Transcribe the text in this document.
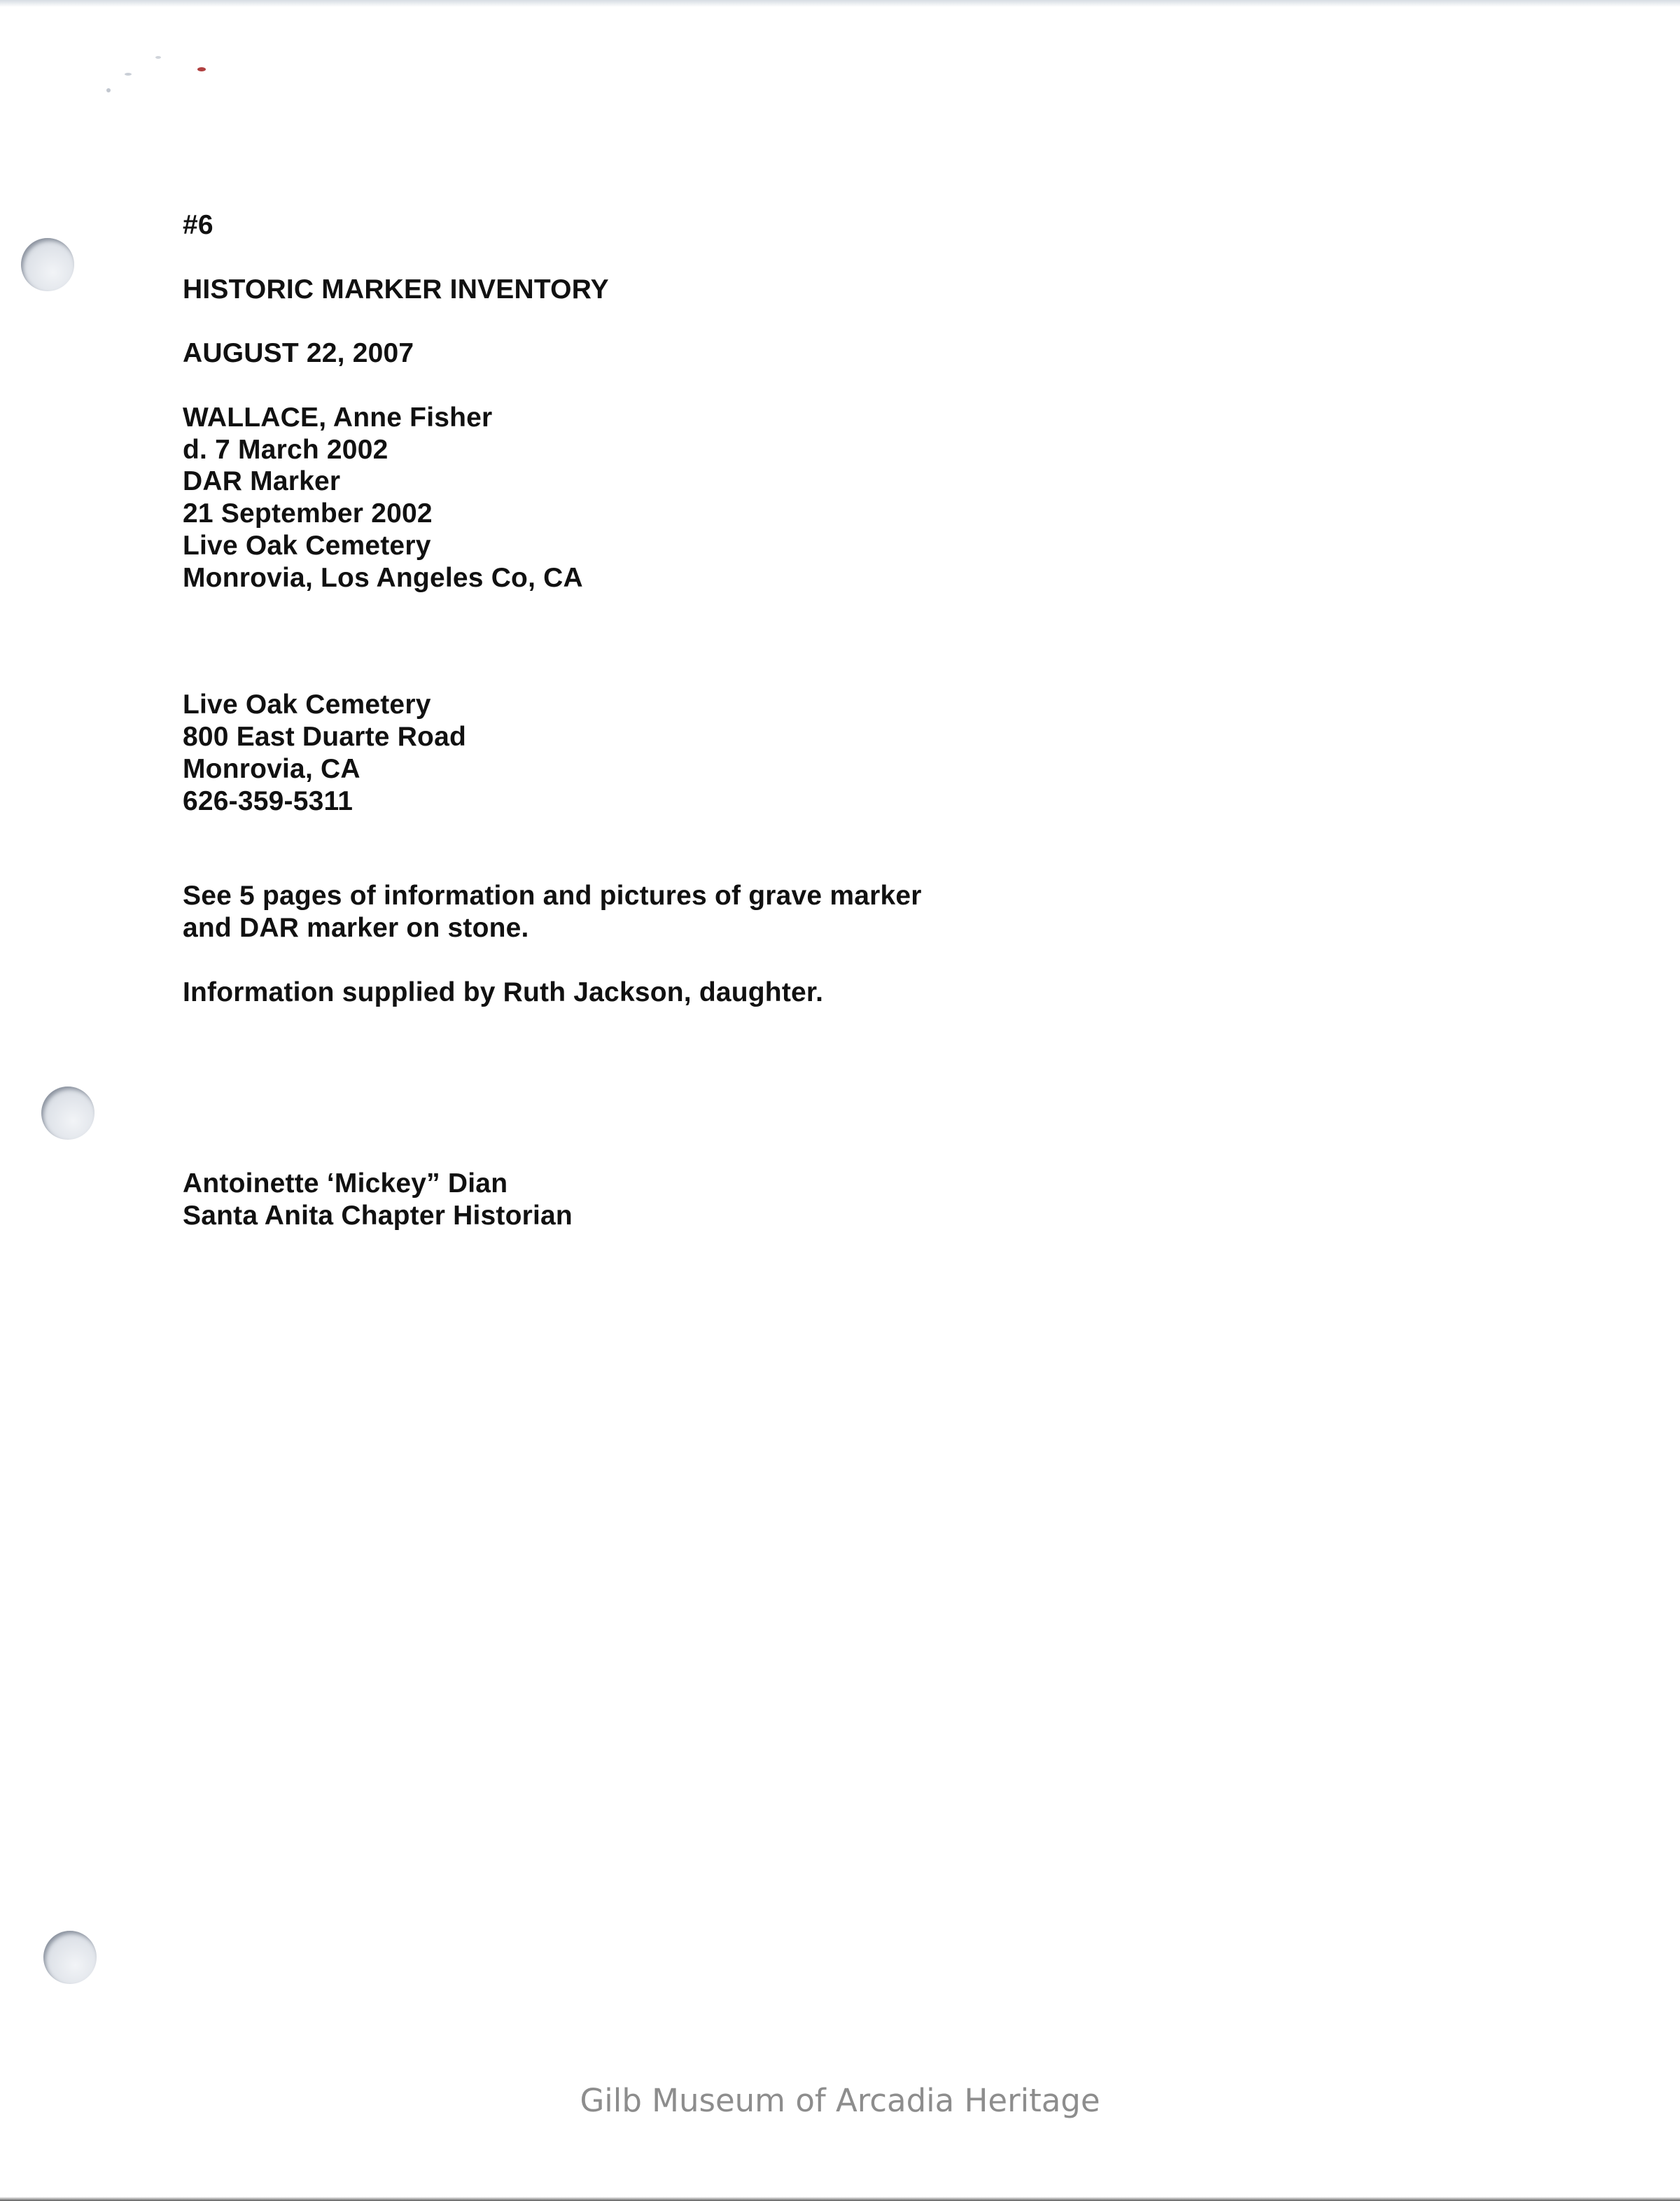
#6
HISTORIC MARKER INVENTORY
AUGUST 22, 2007
WALLACE, Anne Fisher
d. 7 March 2002
DAR Marker
21 September 2002
Live Oak Cemetery
Monrovia, Los Angeles Co, CA
Live Oak Cemetery
800 East Duarte Road
Monrovia, CA
626-359-5311
See 5 pages of information and pictures of grave marker
and DAR marker on stone.
Information supplied by Ruth Jackson, daughter.
Antoinette ‘Mickey” Dian
Santa Anita Chapter Historian
Gilb Museum of Arcadia Heritage
